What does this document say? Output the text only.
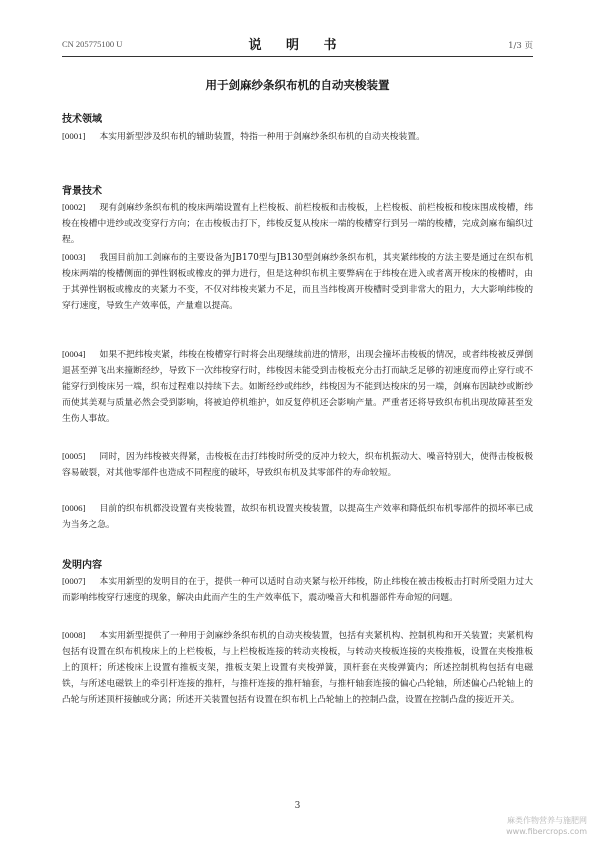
CN 205775100 U	说 明 书	1/3 页
用于剑麻纱条织布机的自动夹梭装置
技术领域
[0001] 本实用新型涉及织布机的辅助装置，特指一种用于剑麻纱条织布机的自动夹梭装置。
背景技术
[0002] 现有剑麻纱条织布机的梭床两端设置有上栏梭板、前栏梭板和击梭板，上栏梭板、前栏梭板和梭床围成梭槽，纬梭在梭槽中进纱或改变穿行方向；在击梭板击打下，纬梭反复从梭床一端的梭槽穿行到另一端的梭槽，完成剑麻布编织过程。
[0003] 我国目前加工剑麻布的主要设备为JB170型与JB130型剑麻纱条织布机，其夹紧纬梭的方法主要是通过在织布机梭床两端的梭槽侧面的弹性钢板或橡皮的弹力进行，但是这种织布机主要弊病在于纬梭在进入或者离开梭床的梭槽时，由于其弹性钢板或橡皮的夹紧力不变，不仅对纬梭夹紧力不足，而且当纬梭离开梭槽时受到非常大的阻力，大大影响纬梭的穿行速度，导致生产效率低，产量难以提高。
[0004] 如果不把纬梭夹紧，纬梭在梭槽穿行时将会出现继续前进的情形，出现会撞坏击梭板的情况，或者纬梭被反弹倒退甚至弹飞出来撞断经纱，导致下一次纬梭穿行时，纬梭因未能受到击梭板充分击打而缺乏足够的初速度而停止穿行或不能穿行到梭床另一端，织布过程难以持续下去。如断经纱或纬纱，纬梭因为不能到达梭床的另一端，剑麻布因缺纱或断纱而使其美观与质量必然会受到影响，将被迫停机维护，如反复停机还会影响产量。严重者还将导致织布机出现故障甚至发生伤人事故。
[0005] 同时，因为纬梭被夹得紧，击梭板在击打纬梭时所受的反冲力较大，织布机振动大、噪音特别大，使得击梭板极容易破裂，对其他零部件也造成不同程度的破坏，导致织布机及其零部件的寿命较短。
[0006] 目前的织布机都没设置有夹梭装置，故织布机设置夹梭装置，以提高生产效率和降低织布机零部件的损坏率已成为当务之急。
发明内容
[0007] 本实用新型的发明目的在于，提供一种可以适时自动夹紧与松开纬梭，防止纬梭在被击梭板击打时所受阻力过大而影响纬梭穿行速度的现象，解决由此而产生的生产效率低下，震动噪音大和机器部件寿命短的问题。
[0008] 本实用新型提供了一种用于剑麻纱条织布机的自动夹梭装置，包括有夹紧机构、控制机构和开关装置；夹紧机构包括有设置在织布机梭床上的上栏梭板，与上栏梭板连接的转动夹梭板，与转动夹梭板连接的夹梭推板，设置在夹梭推板上的顶杆；所述梭床上设置有推板支架，推板支架上设置有夹梭弹簧，顶杆套在夹梭弹簧内；所述控制机构包括有电磁铁，与所述电磁铁上的牵引杆连接的推杆，与推杆连接的推杆轴套，与推杆轴套连接的偏心凸轮轴，所述偏心凸轮轴上的凸轮与所述顶杆接触或分离；所述开关装置包括有设置在织布机上凸轮轴上的控制凸盘，设置在控制凸盘的接近开关。
3
麻类作物营养与施肥网
www.fibercrops.com
